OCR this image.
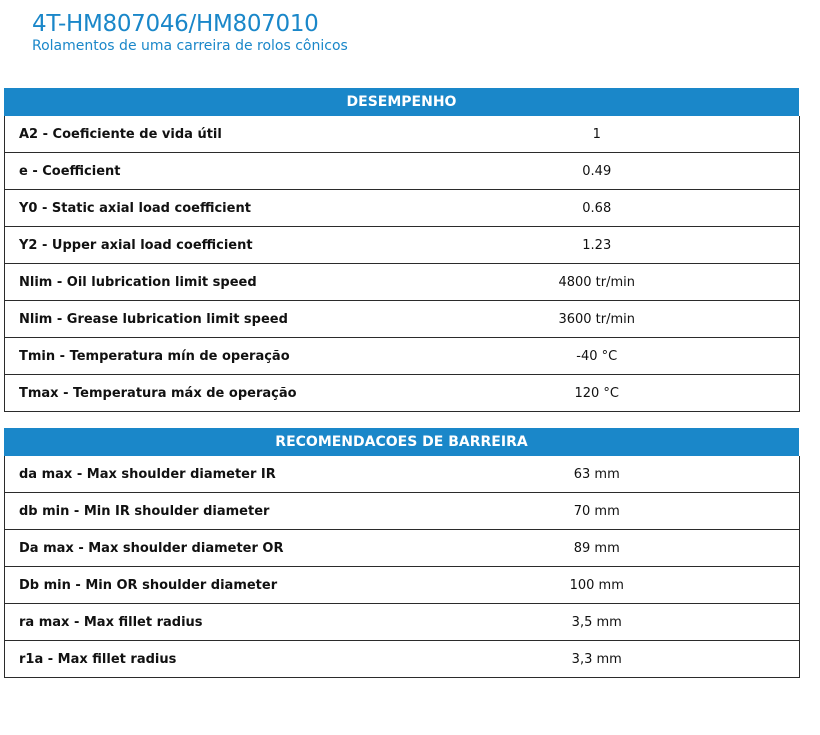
4T-HM807046/HM807010
Rolamentos de uma carreira de rolos cônicos
DESEMPENHO
A2 - Coeficiente de vida útil	1
e - Coefficient	0.49
Y0 - Static axial load coefficient	0.68
Y2 - Upper axial load coefficient	1.23
Nlim - Oil lubrication limit speed	4800 tr/min
Nlim - Grease lubrication limit speed	3600 tr/min
Tmin - Temperatura mín de operação	-40 °C
Tmax - Temperatura máx de operação	120 °C
RECOMENDACOES DE BARREIRA
da max - Max shoulder diameter IR	63 mm
db min - Min IR shoulder diameter	70 mm
Da max - Max shoulder diameter OR	89 mm
Db min - Min OR shoulder diameter	100 mm
ra max - Max fillet radius	3,5 mm
r1a - Max fillet radius	3,3 mm
